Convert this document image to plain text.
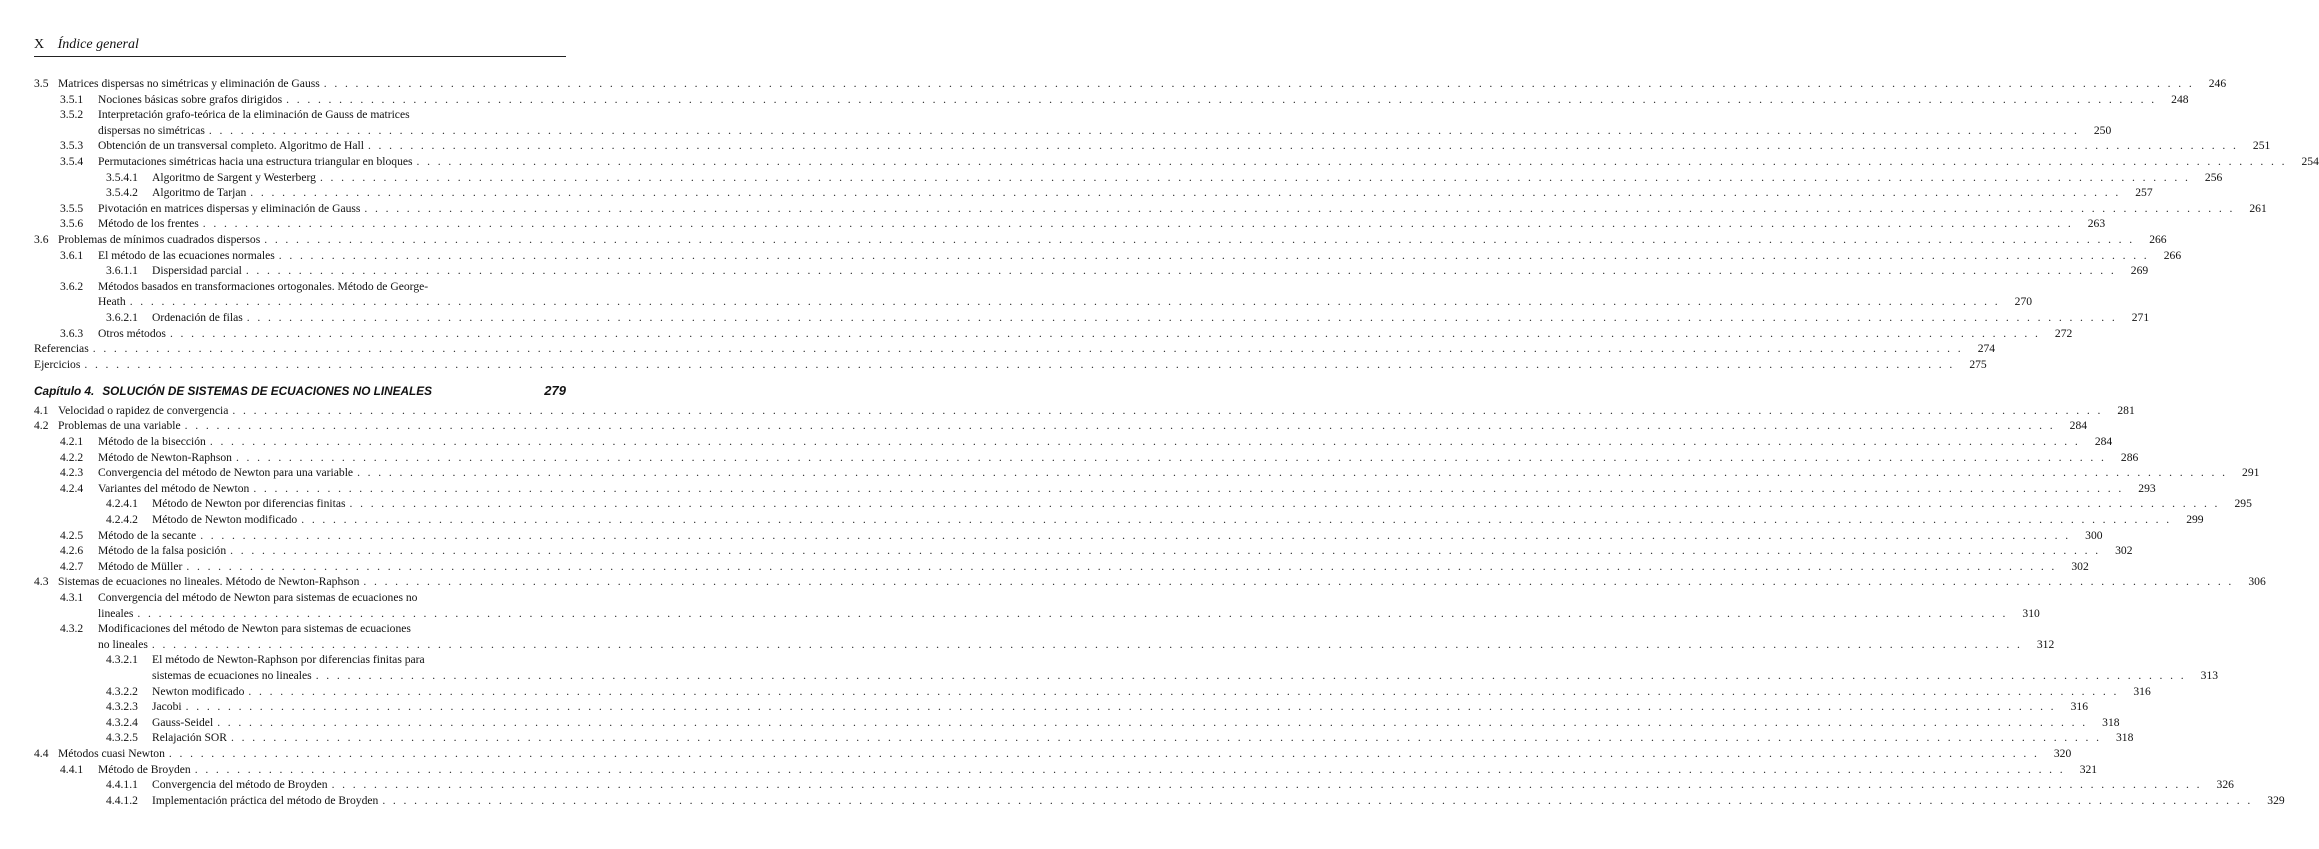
X Índice general
3.5 Matrices dispersas no simétricas y eliminación de Gauss . . .	246
3.5.1 Nociones básicas sobre grafos dirigidos . . .	248
3.5.2 Interpretación grafo-teórica de la eliminación de Gauss de matrices
dispersas no simétricas . . .	250
3.5.3 Obtención de un transversal completo. Algoritmo de Hall . . .	251
3.5.4 Permutaciones simétricas hacia una estructura triangular en bloques . . .	254
3.5.4.1 Algoritmo de Sargent y Westerberg . . .	256
3.5.4.2 Algoritmo de Tarjan . . .	257
3.5.5 Pivotación en matrices dispersas y eliminación de Gauss . . .	261
3.5.6 Método de los frentes . . .	263
3.6 Problemas de mínimos cuadrados dispersos . . .	266
3.6.1 El método de las ecuaciones normales . . .	266
3.6.1.1 Dispersidad parcial . . .	269
3.6.2 Métodos basados en transformaciones ortogonales. Método de George-
Heath . . .	270
3.6.2.1 Ordenación de filas . . .	271
3.6.3 Otros métodos . . .	272
Referencias . . .	274
Ejercicios . . .	275
Capítulo 4. SOLUCIÓN DE SISTEMAS DE ECUACIONES NO LINEALES	279
4.1 Velocidad o rapidez de convergencia . . .	281
4.2 Problemas de una variable . . .	284
4.2.1 Método de la bisección . . .	284
4.2.2 Método de Newton-Raphson . . .	286
4.2.3 Convergencia del método de Newton para una variable . . .	291
4.2.4 Variantes del método de Newton . . .	293
4.2.4.1 Método de Newton por diferencias finitas . . .	295
4.2.4.2 Método de Newton modificado . . .	299
4.2.5 Método de la secante . . .	300
4.2.6 Método de la falsa posición . . .	302
4.2.7 Método de Müller . . .	302
4.3 Sistemas de ecuaciones no lineales. Método de Newton-Raphson . . .	306
4.3.1 Convergencia del método de Newton para sistemas de ecuaciones no
lineales . . .	310
4.3.2 Modificaciones del método de Newton para sistemas de ecuaciones
no lineales . . .	312
4.3.2.1 El método de Newton-Raphson por diferencias finitas para
sistemas de ecuaciones no lineales . . .	313
4.3.2.2 Newton modificado . . .	316
4.3.2.3 Jacobi . . .	316
4.3.2.4 Gauss-Seidel . . .	318
4.3.2.5 Relajación SOR . . .	318
4.4 Métodos cuasi Newton . . .	320
4.4.1 Método de Broyden . . .	321
4.4.1.1 Convergencia del método de Broyden . . .	326
4.4.1.2 Implementación práctica del método de Broyden . . .	329
